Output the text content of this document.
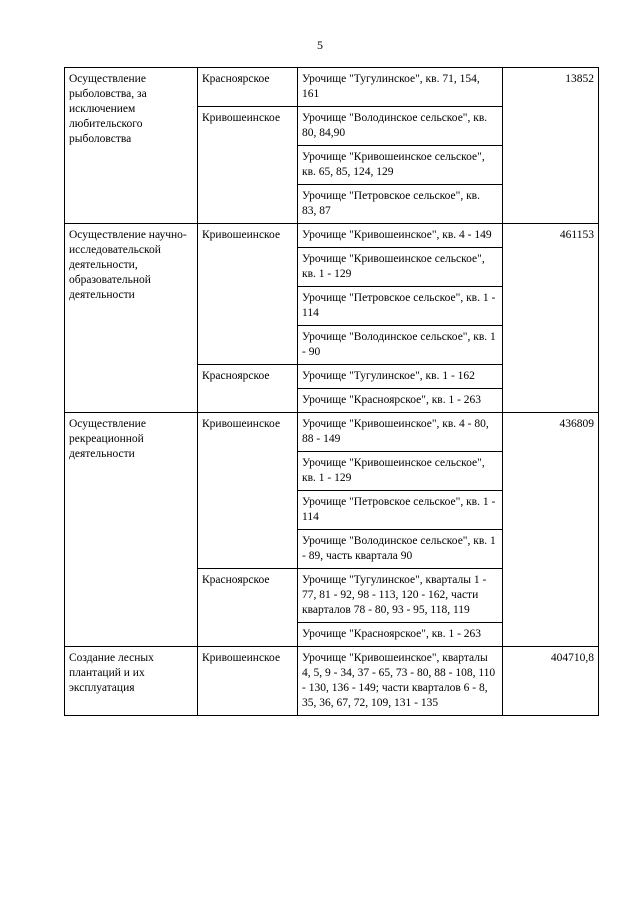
5
Осуществление рыболовства, за исключением любительского рыболовства	Красноярское	Урочище "Тугулинское", кв. 71, 154, 161	13852
	Кривошеинское	Урочище "Володинское сельское", кв. 80, 84,90	
		Урочище "Кривошеинское сельское", кв. 65, 85, 124, 129	
		Урочище "Петровское сельское", кв. 83, 87	
Осуществление научно-исследовательской деятельности, образовательной деятельности	Кривошеинское	Урочище "Кривошеинское", кв. 4 - 149	461153
		Урочище "Кривошеинское сельское", кв. 1 - 129	
		Урочище "Петровское сельское", кв. 1 - 114	
		Урочище "Володинское сельское", кв. 1 - 90	
	Красноярское	Урочище "Тугулинское", кв. 1 - 162	
		Урочище "Красноярское", кв. 1 - 263	
Осуществление рекреационной деятельности	Кривошеинское	Урочище "Кривошеинское", кв. 4 - 80, 88 - 149	436809
		Урочище "Кривошеинское сельское", кв. 1 - 129	
		Урочище "Петровское сельское", кв. 1 - 114	
		Урочище "Володинское сельское", кв. 1 - 89, часть квартала 90	
	Красноярское	Урочище "Тугулинское", кварталы 1 - 77, 81 - 92, 98 - 113, 120 - 162, части кварталов 78 - 80, 93 - 95, 118, 119	
		Урочище "Красноярское", кв. 1 - 263	
Создание лесных плантаций и их эксплуатация	Кривошеинское	Урочище "Кривошеинское", кварталы 4, 5, 9 - 34, 37 - 65, 73 - 80, 88 - 108, 110 - 130, 136 - 149; части кварталов 6 - 8, 35, 36, 67, 72, 109, 131 - 135	404710,8
